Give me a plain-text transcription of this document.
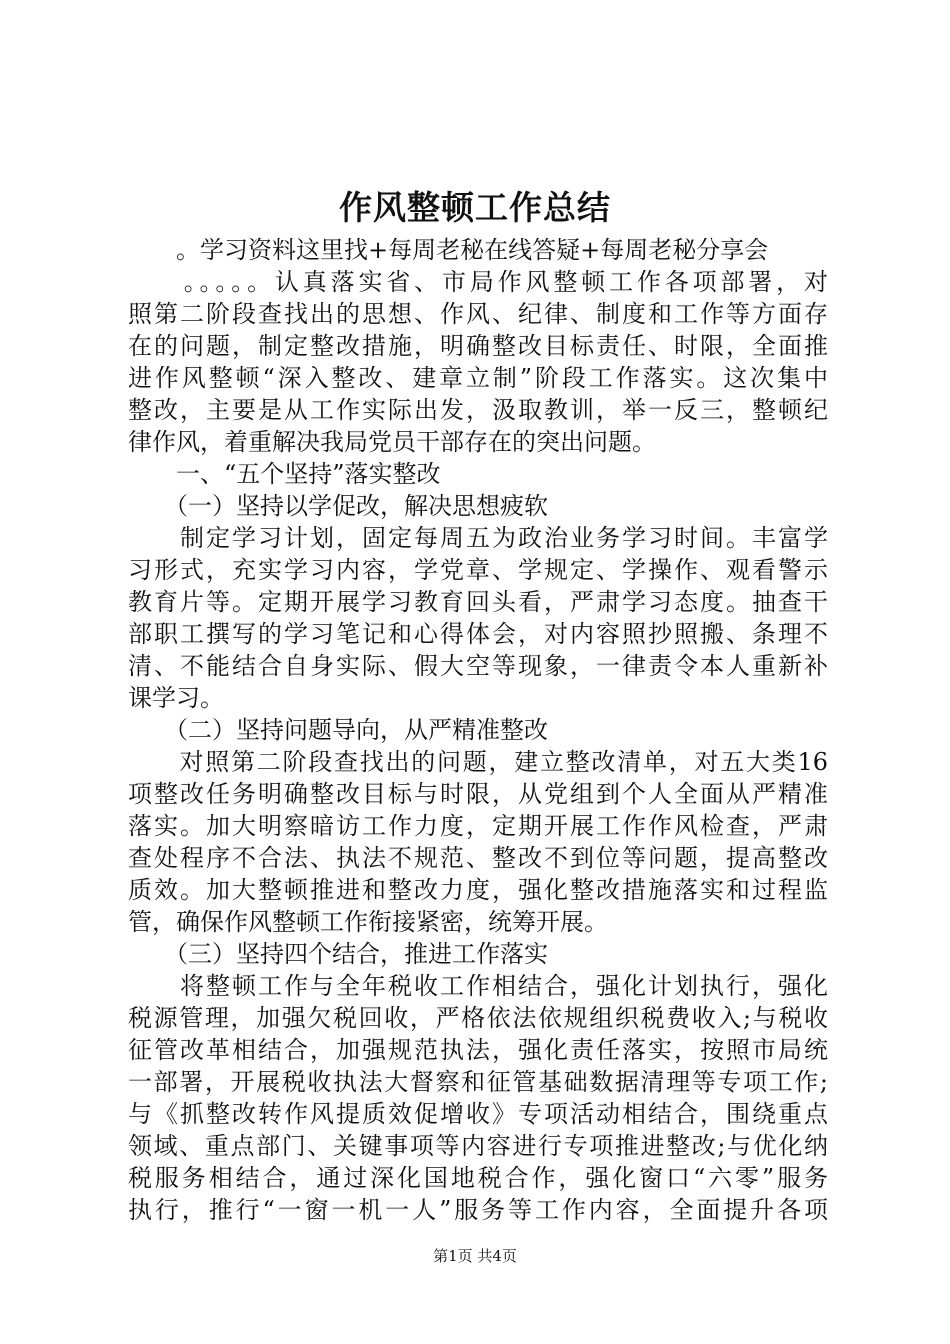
作风整顿工作总结
　　。学习资料这里找+每周老秘在线答疑+每周老秘分享会
　　。。。。。认真落实省、市局作风整顿工作各项部署，对
照第二阶段查找出的思想、作风、纪律、制度和工作等方面存
在的问题，制定整改措施，明确整改目标责任、时限，全面推
进作风整顿“深入整改、建章立制”阶段工作落实。这次集中
整改，主要是从工作实际出发，汲取教训，举一反三，整顿纪
律作风，着重解决我局党员干部存在的突出问题。
　　一、“五个坚持”落实整改
　　（一）坚持以学促改，解决思想疲软
　　制定学习计划，固定每周五为政治业务学习时间。丰富学
习形式，充实学习内容，学党章、学规定、学操作、观看警示
教育片等。定期开展学习教育回头看，严肃学习态度。抽查干
部职工撰写的学习笔记和心得体会，对内容照抄照搬、条理不
清、不能结合自身实际、假大空等现象，一律责令本人重新补
课学习。
　　（二）坚持问题导向，从严精准整改
　　对照第二阶段查找出的问题，建立整改清单，对五大类16
项整改任务明确整改目标与时限，从党组到个人全面从严精准
落实。加大明察暗访工作力度，定期开展工作作风检查，严肃
查处程序不合法、执法不规范、整改不到位等问题，提高整改
质效。加大整顿推进和整改力度，强化整改措施落实和过程监
管，确保作风整顿工作衔接紧密，统筹开展。
　　（三）坚持四个结合，推进工作落实
　　将整顿工作与全年税收工作相结合，强化计划执行，强化
税源管理，加强欠税回收，严格依法依规组织税费收入;与税收
征管改革相结合，加强规范执法，强化责任落实，按照市局统
一部署，开展税收执法大督察和征管基础数据清理等专项工作;
与《抓整改转作风提质效促增收》专项活动相结合，围绕重点
领域、重点部门、关键事项等内容进行专项推进整改;与优化纳
税服务相结合，通过深化国地税合作，强化窗口“六零”服务
执行，推行“一窗一机一人”服务等工作内容，全面提升各项
第1页 共4页
